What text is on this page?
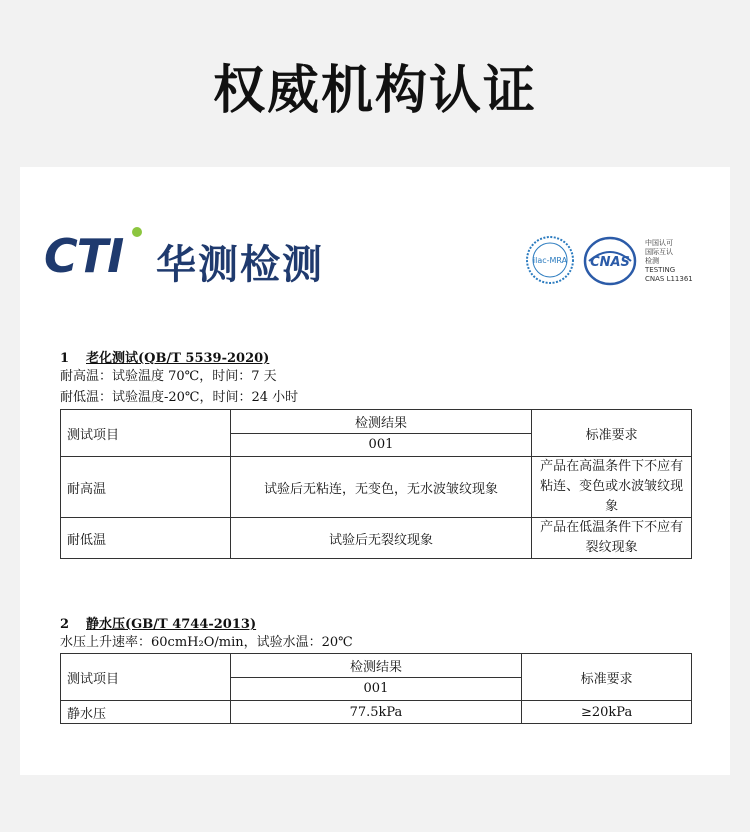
权威机构认证
CTI 华测检测	ilac-MRA CNAS
中国认可
国际互认
检测
TESTING
CNAS L11361
1 老化测试(QB/T 5539-2020)
耐高温：试验温度 70℃，时间：7 天
耐低温：试验温度-20℃，时间：24 小时
测试项目	检测结果	标准要求
	001	
耐高温	试验后无粘连，无变色，无水波皱纹现象	产品在高温条件下不应有粘连、变色或水波皱纹现象
耐低温	试验后无裂纹现象	产品在低温条件下不应有裂纹现象
2 静水压(GB/T 4744-2013)
水压上升速率：60cmH₂O/min，试验水温：20℃
测试项目	检测结果	标准要求
	001	
静水压	77.5kPa	≥20kPa
